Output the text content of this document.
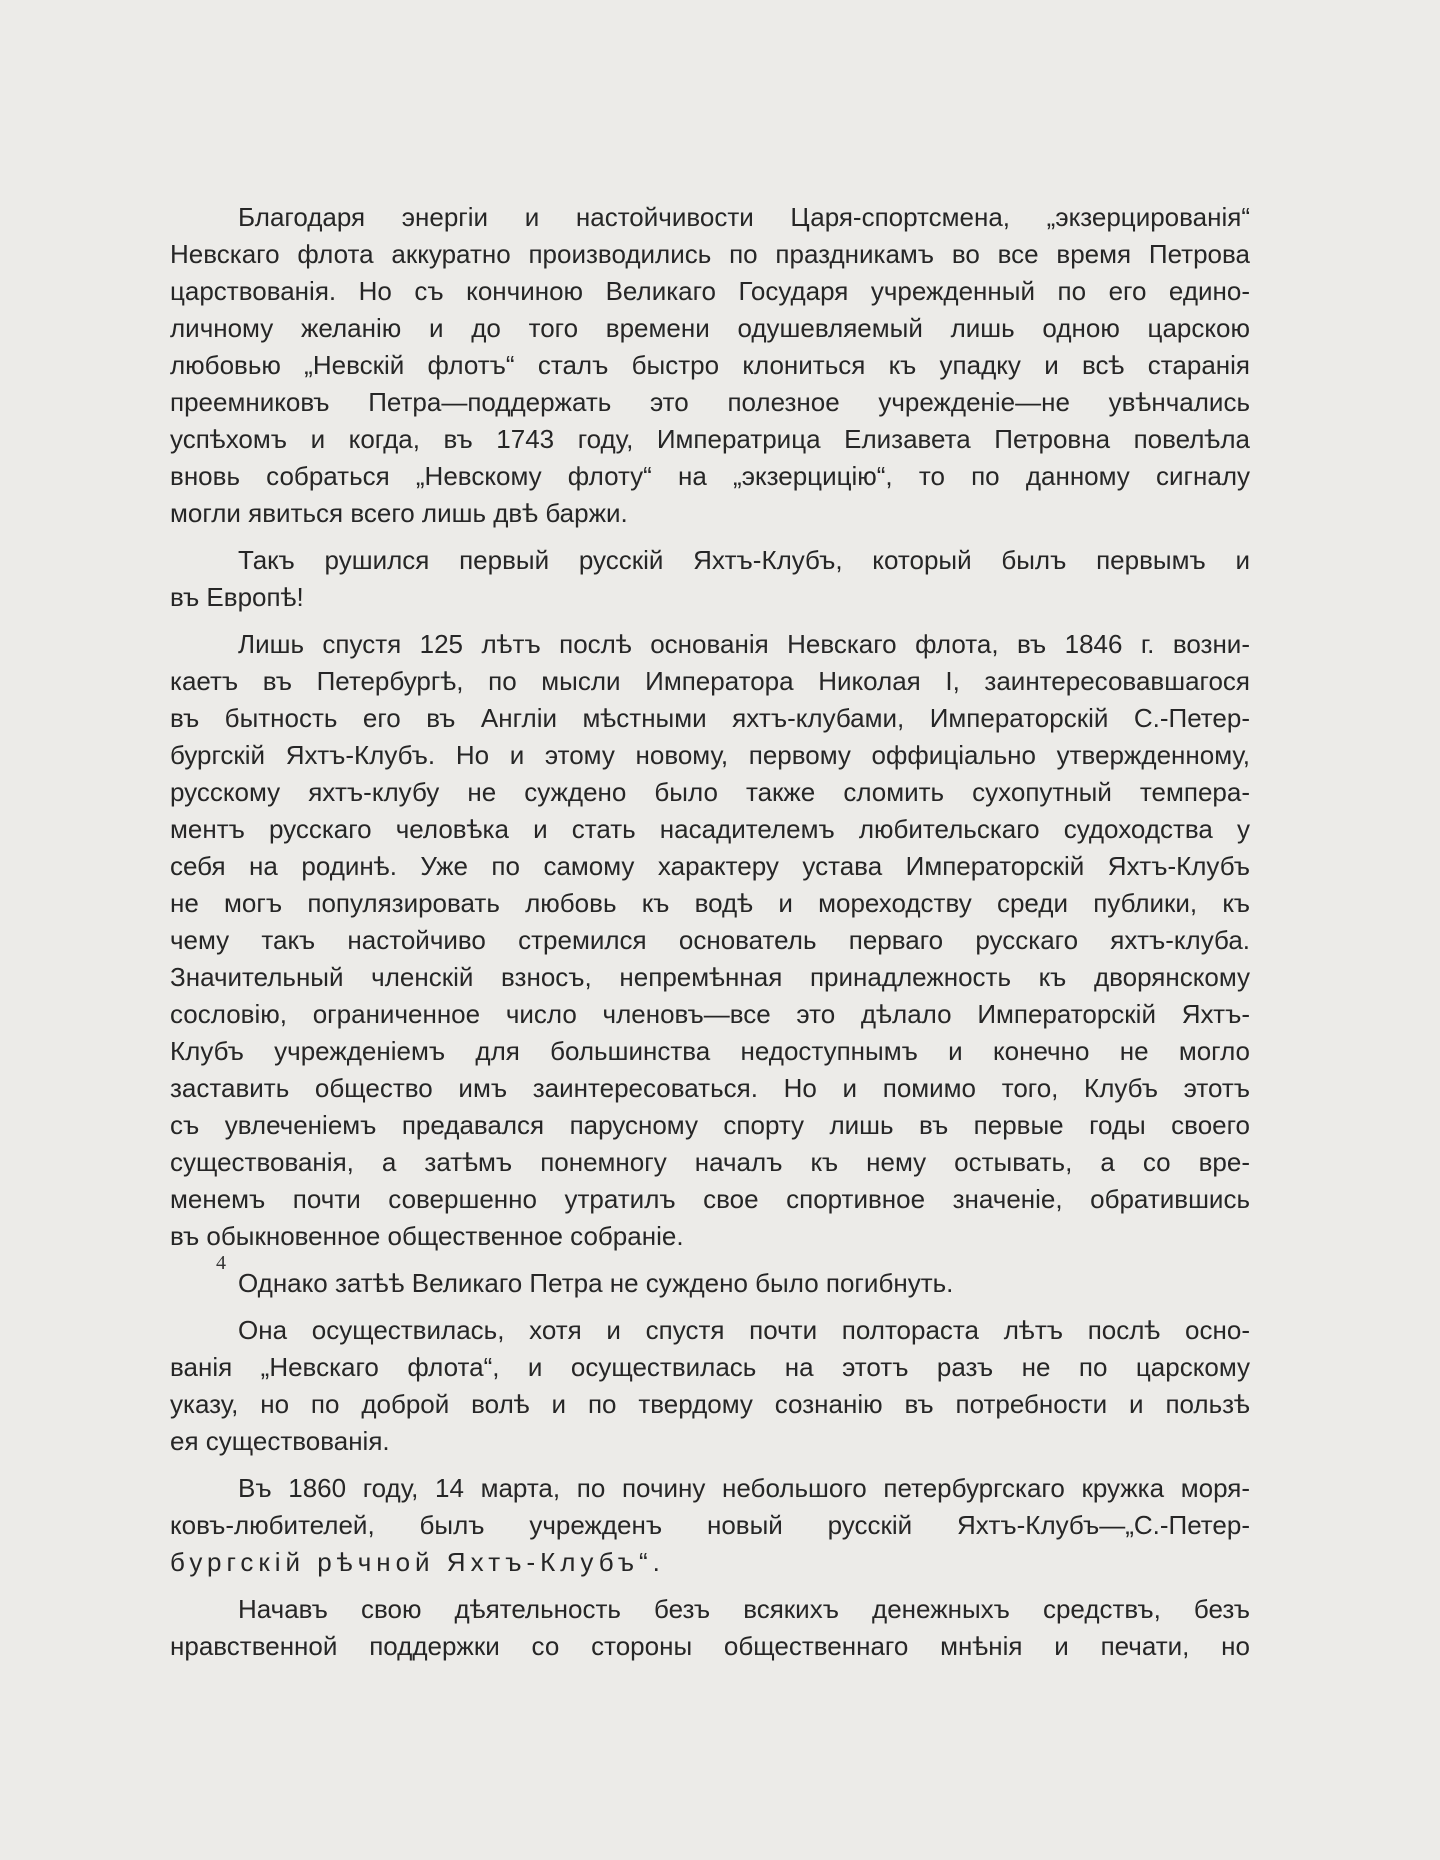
Благодаря энергіи и настойчивости Царя-спортсмена, „экзерцированія“
Невскаго флота аккуратно производились по праздникамъ во все время Петрова
царствованія. Но съ кончиною Великаго Государя учрежденный по его едино-
личному желанію и до того времени одушевляемый лишь одною царскою
любовью „Невскій флотъ“ сталъ быстро клониться къ упадку и всѣ старанія
преемниковъ Петра—поддержать это полезное учрежденіе—не увѣнчались
успѣхомъ и когда, въ 1743 году, Императрица Елизавета Петровна повелѣла
вновь собраться „Невскому флоту“ на „экзерцицію“, то по данному сигналу
могли явиться всего лишь двѣ баржи.
Такъ рушился первый русскій Яхтъ-Клубъ, который былъ первымъ и
въ Европѣ!
Лишь спустя 125 лѣтъ послѣ основанія Невскаго флота, въ 1846 г. возни-
каетъ въ Петербургѣ, по мысли Императора Николая I, заинтересовавшагося
въ бытность его въ Англіи мѣстными яхтъ-клубами, Императорскій С.-Петер-
бургскій Яхтъ-Клубъ. Но и этому новому, первому оффиціально утвержденному,
русскому яхтъ-клубу не суждено было также сломить сухопутный темпера-
ментъ русскаго человѣка и стать насадителемъ любительскаго судоходства у
себя на родинѣ. Уже по самому характеру устава Императорскій Яхтъ-Клубъ
не могъ популязировать любовь къ водѣ и мореходству среди публики, къ
чему такъ настойчиво стремился основатель перваго русскаго яхтъ-клуба.
Значительный членскій взносъ, непремѣнная принадлежность къ дворянскому
сословію, ограниченное число членовъ—все это дѣлало Императорскій Яхтъ-
Клубъ учрежденіемъ для большинства недоступнымъ и конечно не могло
заставить общество имъ заинтересоваться. Но и помимо того, Клубъ этотъ
съ увлеченіемъ предавался парусному спорту лишь въ первые годы своего
существованія, а затѣмъ понемногу началъ къ нему остывать, а со вре-
менемъ почти совершенно утратилъ свое спортивное значеніе, обратившись
въ обыкновенное общественное собраніе.
Однако затѣѣ Великаго Петра не суждено было погибнуть.
Она осуществилась, хотя и спустя почти полтораста лѣтъ послѣ осно-
ванія „Невскаго флота“, и осуществилась на этотъ разъ не по царскому
указу, но по доброй волѣ и по твердому сознанію въ потребности и пользѣ
ея существованія.
Въ 1860 году, 14 марта, по почину небольшого петербургскаго кружка моря-
ковъ-любителей, былъ учрежденъ новый русскій Яхтъ-Клубъ—„С.-Петер-
бургскій рѣчной Яхтъ-Клубъ“.
Начавъ свою дѣятельность безъ всякихъ денежныхъ средствъ, безъ
нравственной поддержки со стороны общественнаго мнѣнія и печати, но
4
